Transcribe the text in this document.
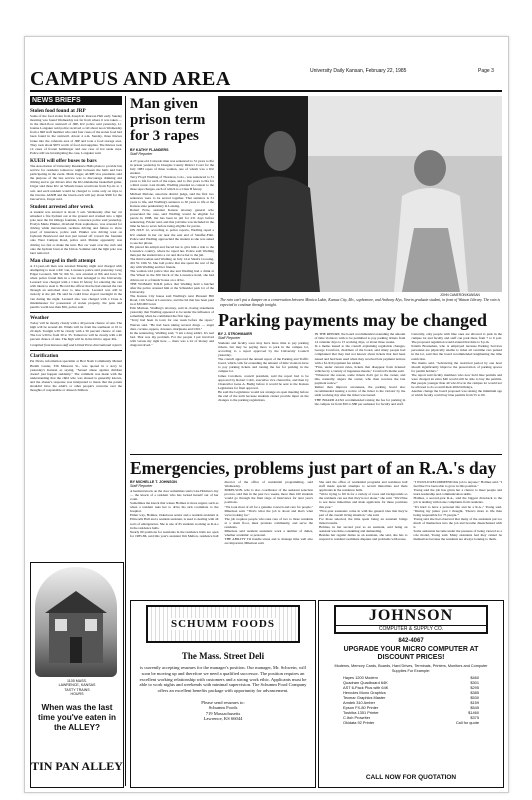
CAMPUS AND AREA	University Daily Kansan, February 22, 1985	Page 3
NEWS BRIEFS
Stolen food found at JRP
Some of the food stolen from Joseph R. Pearson Hall early Sunday morning was found Wednesday not far from where it was taken — in the third-floor stairwell of JRP, KU police said yesterday. Lt. Jeanne Longaker said police received a call about noon Wednesday from a JRP staff member who said four cases of the stolen food had been found in the stairwell. About 4 a.m. Sunday, three thieves broke into the cafeteria area of JRP and took a food storage area. They took about $675 worth of food and supplies. The thieves took 14 cases of frozen hamburger and one case of hot steak cups. Police still are investigating the case, Longaker said.
KUEH will offer buses to bars
The Association of University Residence Halls plans to provide bus service for residents tomorrow night between the halls and bars participating in the event. Mark Unger, AURH vice president, said the purpose of the bus service was to discourage drinking and driving and to get drivers after the KU-Oklahoma basketball game. Unger said three KU on Wheels buses would run from 8 p.m. to 1 a.m. and each resident would be charged to come only on trips to the taverns. AURH and the tavern each will pay about $300 for the bus service, Unger said.
Student arrested after wreck
A student was arrested at about 3 a.m. Wednesday after her car smashed a fire hydrant out at the ground and crashed into a light pole near the Oz Omega fountain, Lawrence police said yesterday. Evelyn Marie Pinkler, Overland Park sophomore, was arrested for driving while intoxicated, reckless driving and failure to show proof of insurance, police said. Pinkler was driving west on Jayhawk Boulevard and had just turned off toward the fountain onto West Campus Road, police said. Pinkler apparently was driving too fast to make the turn. Her car went over the curb and onto the hydrant lawn at the Union. Sommer said the light pole was later removed.
Man charged in theft attempt
A 21-year-old man was arrested Monday night and charged with attempting to steal a KU van, Lawrence police said yesterday. Greg Edgar Leonard, 506 W. 6th St., was arrested at 8th and Iowa St. when police found him in a van that belonged to the University. Leonard was charged with a Class D felony for entering the van with intent to steal it. He told the officer that he had entered the van through an unlocked door to take tools. Leonard was still in custody at the jail. He said he could have stayed overnight in the van during the night. Leonard also was charged with a Class A misdemeanor for possession of stolen property, the pens and pencils worth less than $50, police said.
Weather
Today will be mostly cloudy with a 40 percent chance of rain. The high will be around 46. Winds will be from the southeast at 10 to 20 mph. Tonight will be cloudy with a 50 percent chance of rain. The low will be from 30 to 35. Tomorrow will be cloudy with a 40 percent chance of rain. The high will be in the mid to upper 40s.
Compiled from Kansan staff and United Press International reports
Clarification
Pat Davis, information specialist at Bert Nash Community Mental Health Center, 336 Missouri St., was quoted in a story in yesterday's Kansan as saying, "Sexual abuse against children doesn't just happen suddenly." The comment was made with the understanding that the child who was abused is generally known, and the abuser's response was interpreted to mean that the parent shouldn't have the adult's or other people's concerns over the thoughts of responsible or abused children.
1105 MASS.
LAWRENCE, KANSAS
TASTY TRAINS
HOURS
When was the last time you've eaten in the ALLEY?
TIN PAN ALLEY
Man given prison term for 3 rapes
BY KATHY FLANDERS
Staff Reporter
A 27-year-old Colorado man was sentenced to 31 years to life in prison yesterday in Douglas County District Court for the July 1983 rapes of three women, one of whom was a KU student.
Terry Floyd Wadling of Thornton, Colo., was sentenced to 31 years to life for each of the rapes, and to five years to life for a third count. Last month, Wadling pleaded no contest to the three rape charges, each of which is a Class B felony.
Michael Malone, associate district judge, said the first two sentences were to be served together. That sentence is 31 years to life, and Wadling's sentence to 30 years to life at the Kansas state penitentiary in Lansing.
Robert Ferre, assistant Kansas attorney general who prosecuted the case, said Wadling would be eligible for parole in 1998, but has been in jail for 231 days before sentencing. Frieler said, and that jail time was included in the time he has to serve before being eligible for parole.
ON JULY 12, according to police reports, Wadling raped a KU student in her car near the east end of Stauffer-Flint. Police said Wadling approached the student as she was asked to see her phone.
He placed his armpit and forced her to give him a ride to the Lawrence country, where he raped her. Police said Wadling then put the student into a car and drove her to the jail.
The third woman said Wadling on July 14 at Slash's Crossing, 401 W. 10th St. She told police that she spent the rest of the day with Wadling and her friends.
The woman told police that she and Wadling had a drink at The Wheel in the 300 block of the Lawrence hotel, she had driven out to a friends' house on a drive.
THE WOMAN TOLD police that Wadling held a hatchet after the police arrested him at the Schneider park lot of the University.
The Kansas City house said Wadling's next Pleasant Hill Road, 11th Street at Lawrence, and the lid that has been paid in at $30,000 bond.
Erik Mattson, Wadling's attorney, said in closing statements yesterday that Wadling appeared to be under the influence of something when he committed the first rape.
"Terry had been in town for one week before the rapes," Warren said. "He had been taking several drugs — angel dust, cocaine, uppers, downers, marijuana and LSD."
In the sentencing, Wadling said, "I am a drug addict. It's real bad. That was my problem. For the people I put involved with versus my right here — there was a lot of money and drugs involved."
JOHN CAMERON/KANSAN
The rain can't put a damper on a conversation between Monica Lakin, Kansas City, Mo., sophomore, and Anthony Alyx, Vavrin graduate student, in front of Watson Library. The rain is expected to continue through tonight.
Parking payments may be changed
BY J. STROHMAIER
Staff Reporter
Students and faculty soon may have more time to pay parking tickets, but may be paying more to park in the campus lot, according to a report approved by the University Council yesterday.
The council approved the annual report of the Parking and Traffic board, which calls for extending the amount of time violators have to pay parking tickets and raising the fee for parking in the campus lot.
James Carothers, council president, said the report had to be approved by Robert Cobb, executive vice chancellor, and then by Chancellor Gene A. Budig before it would be sent to the Kansas Legislature for final approval.
He said the Legislature would not arrange an open meeting before the end of the term because students cannot provide input on the changes to the parking regulations.
IN THE REPORT, the board recommended extending the amount of time violators with to be permitted to pay parking tickets from 14 calendar days to 15 working days, or about three weeks.
In a memo issued to the council explaining regulation changes, George Crawford, chairman of the board, said many people had complained that they had not known about tickets that had been issued and had been used when they received late payment notices with a $1-$10 payment fee added.
"First, under current rules, tickets that disappear from ticketed vehicles by a variety of ingenious means," Crawford's memo said.
"Whatever the reason, some tickets don't get to the owner, and this, naturally, angers the owner, who then receives the late payment notice."
Rather than improve awareness, the parking board also recommended issuing a notice of the ticket to the violator by the sixth working day after the ticket was issued.
THE BOARD ALSO recommended raising the fee for parking in the campus lot from $50 to $80 per semester for faculty and staff.
Currently, only people with blue ones are allowed to park in the campus lot and faculty and staff can park there from 7 to 6 p.m. The proposed regulation would extend that time to 6 p.m.
Kristin Brosnahan, who is employed because Parking Services personnel are physically unable to ticket all overtime cars parked in the lot, said that the board recommended lengthening the time restriction.
The memo said, "Advancing the restricted period by one hour should significantly improve the preservation of parking spaces for permit holders."
The report said faculty members who now hold blue permits and were charged an extra $40 would still be able to buy the permits. But people younger than 40 who live in the campus lot would not be allowed to do so until their 40th birthdays.
Another change the board proposed was raising the minimum age at which faculty could buy blue permits from 55 to 60.
Emergencies, problems just part of an R.A.'s day
BY MICHELLE T. JOHNSON
Staff Reporter
A hesitant knock on the door sometimes starts Lisa Holmes's day — the knock of a resident who has locked herself out of her room.
Sometimes the knock that wakes Holmes is more urgent, such as when a resident asks her to drive his sick roommate to the hospital.
Either way, Holmes, Oskaloosa senior and a resident assistant at Ellsworth Hall and a resident assistant, is used to dealing with all sorts of emergencies. She is one of 65 students working as R.A.s in the residence halls.
Nearly 60 positions for assistants in the residence halls are open for 1985-86, said this year's assistant Jim Melton, residence hall director of the office of residential programming, said Wednesday.
MIKELSON, who is also coordinator of the assistant selection process, said that in the past two weeks, more than 100 students would go through the final stage of interviews for next year's positions.
"We look most of all for a genuine concern and care for people," Mikelson said. "That's what the job is about and that's what we're looking for."
The job requires people who take care of two to three residents at a dorm floor, must promote community, and serve the residents.
Mikelson said resident assistants work a number of duties, whether academic or personal.
THE ABILITY TO handle stress and to manage time well also are important, Mikelson said.
She said the office of residential programs and residence hall staff made special attempts to recruit minorities and male applicants in the residence halls.
"We're trying to fill in for a variety of races and backgrounds so the residents can see that they're not alone," she said. "We'd like to see more minorities and male applicants for these positions this year."
"First-year assistants come in with the general idea that they're part of the overall living situation," she said.
For those selected, the time spent being an assistant brings mixed results.
Holmes, in her second year as an assistant, said being an assistant was time-consuming and demanding.
Besides her regular duties as an assistant, she said, she has to respond to resident roommate disputes and problems with noise.
"I WOULD RECOMMEND this job to anyone," Holmes said. "I feel like I've been able to grow in this position."
Young said the job has given her a chance to meet people and learn leadership and communication skills.
Holmes, a second-year R.A., said the biggest drawback to the job is dealing with noise complaints from residents.
"It's hard to have a personal life and be a R.A.," Young said. "During my junior year I thought, 'There's more to life than being responsible for 75 people.'"
Young said she had observed that many of the assistants put too much of themselves into the job and became disenchanted with it.
Some assistants become under the pressure of being viewed as a role model, Young said. Many assistants feel they cannot be themselves because the residents are always looking to them.
SCHUMM FOODS
The Mass. Street Deli
is currently accepting resumes for the manager's position. Our manager, Mr. Schwein, will soon be moving up and therefore we need a qualified successor. The position requires an excellent working relationship with customers and a strong work ethic. Applicants must be able to work nights and weekends with minimal supervision. The Schumm Food Company offers an excellent benefits package with opportunity for advancement.
Please send resumes to:
Schumm Foods
719 Massachusetts
Lawrence, KS 66044
JOHNSON
COMPUTER & SUPPLY CO.
842-4067
UPGRADE YOUR MICRO COMPUTER AT DISCOUNT PRICES!
Modems, Memory Cards, Boards, Hard Drives, Terminals, Printers, Monitors and Computer Supplies For Example:
Hayes 1200 Modem	$460
Quadram Quadboard 64K	$301
AST 6-Pack Plus with 64K	$295
Hercules Mono Graphics	$385
Tecmar Graphics Master	$530
Amdek 310 Amber	$159
Epson FX-80 Printer	$545
Toshiba 1351 Printer	$1460
C.Itoh Prowriter	$375
Okidata 92 Printer	Call for quote
CALL NOW FOR QUOTATION
